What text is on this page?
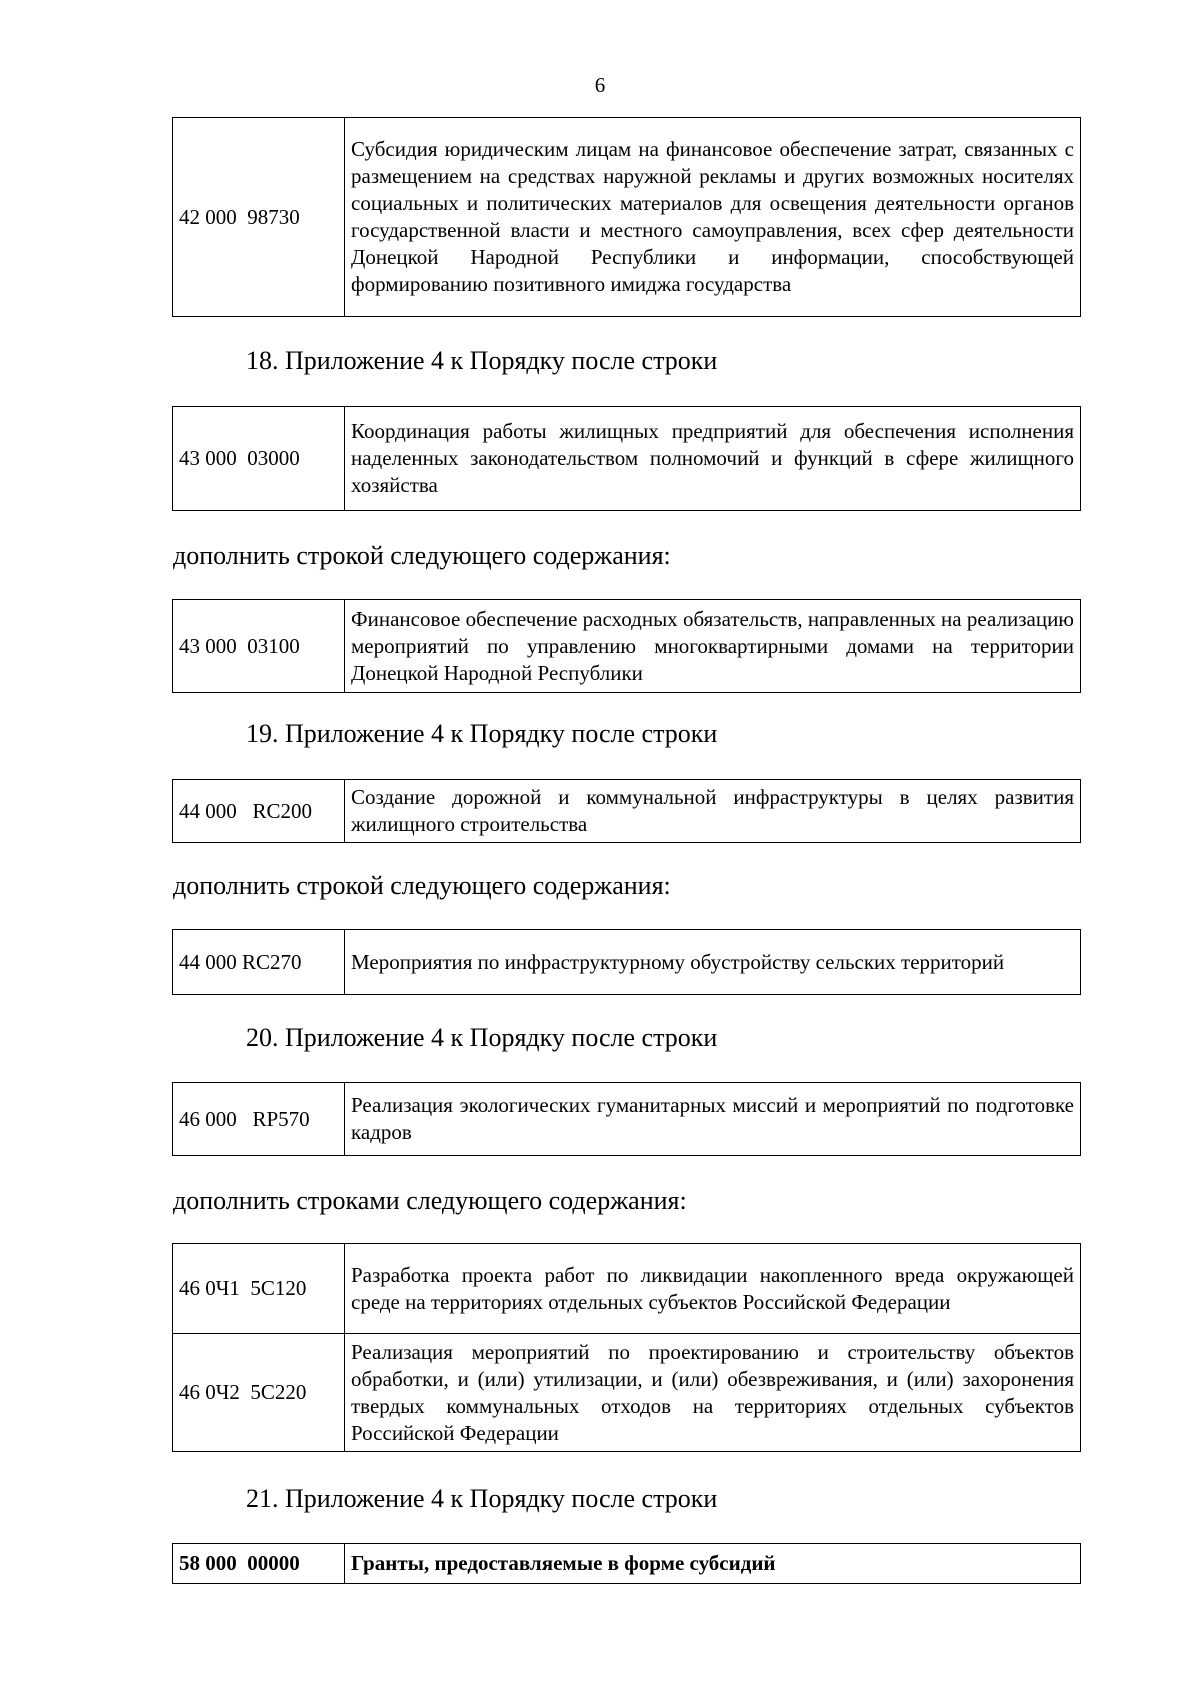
6
42 000  98730	Субсидия юридическим лицам на финансовое обеспечение затрат, связанных с размещением на средствах наружной рекламы и других возможных носителях социальных и политических материалов для освещения деятельности органов государственной власти и местного самоуправления, всех сфер деятельности Донецкой Народной Республики и информации, способствующей формированию позитивного имиджа государства
18. Приложение 4 к Порядку после строки
43 000  03000	Координация работы жилищных предприятий для обеспечения исполнения наделенных законодательством полномочий и функций в сфере жилищного хозяйства
дополнить строкой следующего содержания:
43 000  03100	Финансовое обеспечение расходных обязательств, направленных на реализацию мероприятий по управлению многоквартирными домами на территории Донецкой Народной Республики
19. Приложение 4 к Порядку после строки
44 000   RC200	Создание дорожной и коммунальной инфраструктуры в целях развития жилищного строительства
дополнить строкой следующего содержания:
44 000 RC270	Мероприятия по инфраструктурному обустройству сельских территорий
20. Приложение 4 к Порядку после строки
46 000   RP570	Реализация экологических гуманитарных миссий и мероприятий по подготовке кадров
дополнить строками следующего содержания:
46 0Ч1  5С120	Разработка проекта работ по ликвидации накопленного вреда окружающей среде на территориях отдельных субъектов Российской Федерации
46 0Ч2  5С220	Реализация мероприятий по проектированию и строительству объектов обработки, и (или) утилизации, и (или) обезвреживания, и (или) захоронения твердых коммунальных отходов на территориях отдельных субъектов Российской Федерации
21. Приложение 4 к Порядку после строки
58 000  00000	Гранты, предоставляемые в форме субсидий
